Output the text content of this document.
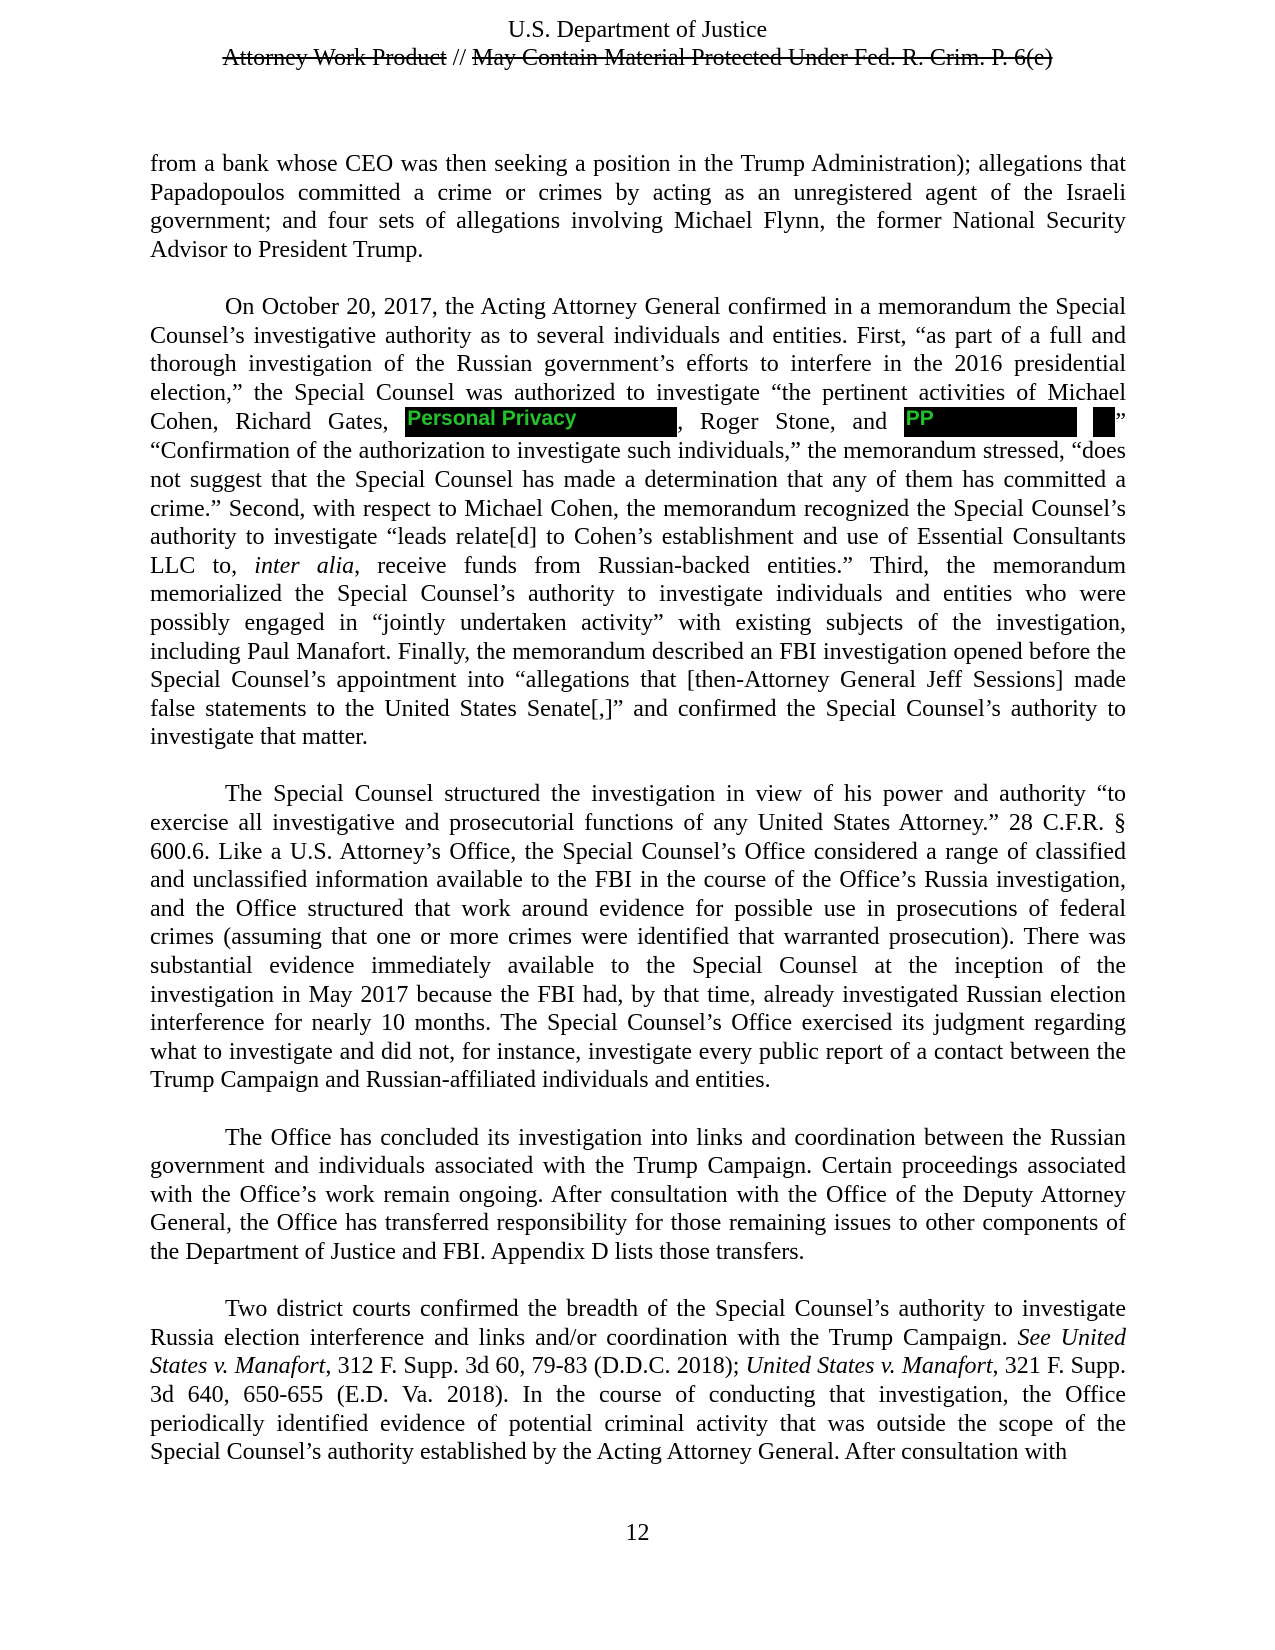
U.S. Department of Justice
Attorney Work Product // May Contain Material Protected Under Fed. R. Crim. P. 6(e)

from a bank whose CEO was then seeking a position in the Trump Administration); allegations that Papadopoulos committed a crime or crimes by acting as an unregistered agent of the Israeli government; and four sets of allegations involving Michael Flynn, the former National Security Advisor to President Trump.

On October 20, 2017, the Acting Attorney General confirmed in a memorandum the Special Counsel’s investigative authority as to several individuals and entities. First, “as part of a full and thorough investigation of the Russian government’s efforts to interfere in the 2016 presidential election,” the Special Counsel was authorized to investigate “the pertinent activities of Michael Cohen, Richard Gates, Personal Privacy	, Roger Stone, and PP	” “Confirmation of the authorization to investigate such individuals,” the memorandum stressed, “does not suggest that the Special Counsel has made a determination that any of them has committed a crime.” Second, with respect to Michael Cohen, the memorandum recognized the Special Counsel’s authority to investigate “leads relate[d] to Cohen’s establishment and use of Essential Consultants LLC to, inter alia, receive funds from Russian-backed entities.” Third, the memorandum memorialized the Special Counsel’s authority to investigate individuals and entities who were possibly engaged in “jointly undertaken activity” with existing subjects of the investigation, including Paul Manafort. Finally, the memorandum described an FBI investigation opened before the Special Counsel’s appointment into “allegations that [then-Attorney General Jeff Sessions] made false statements to the United States Senate[,]” and confirmed the Special Counsel’s authority to investigate that matter.

The Special Counsel structured the investigation in view of his power and authority “to exercise all investigative and prosecutorial functions of any United States Attorney.” 28 C.F.R. § 600.6. Like a U.S. Attorney’s Office, the Special Counsel’s Office considered a range of classified and unclassified information available to the FBI in the course of the Office’s Russia investigation, and the Office structured that work around evidence for possible use in prosecutions of federal crimes (assuming that one or more crimes were identified that warranted prosecution). There was substantial evidence immediately available to the Special Counsel at the inception of the investigation in May 2017 because the FBI had, by that time, already investigated Russian election interference for nearly 10 months. The Special Counsel’s Office exercised its judgment regarding what to investigate and did not, for instance, investigate every public report of a contact between the Trump Campaign and Russian-affiliated individuals and entities.

The Office has concluded its investigation into links and coordination between the Russian government and individuals associated with the Trump Campaign. Certain proceedings associated with the Office’s work remain ongoing. After consultation with the Office of the Deputy Attorney General, the Office has transferred responsibility for those remaining issues to other components of the Department of Justice and FBI. Appendix D lists those transfers.

Two district courts confirmed the breadth of the Special Counsel’s authority to investigate Russia election interference and links and/or coordination with the Trump Campaign. See United States v. Manafort, 312 F. Supp. 3d 60, 79-83 (D.D.C. 2018); United States v. Manafort, 321 F. Supp. 3d 640, 650-655 (E.D. Va. 2018). In the course of conducting that investigation, the Office periodically identified evidence of potential criminal activity that was outside the scope of the Special Counsel’s authority established by the Acting Attorney General. After consultation with

12
